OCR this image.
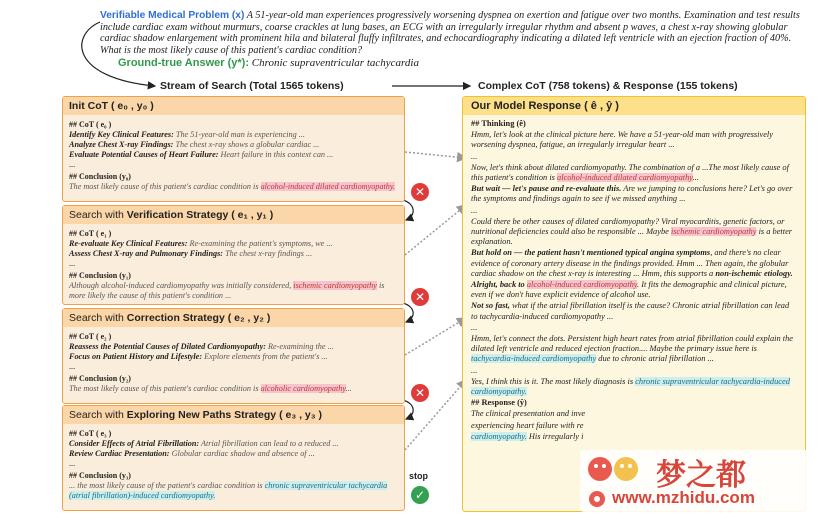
Verifiable Medical Problem (x) A 51-year-old man experiences progressively worsening dyspnea on exertion and fatigue over two months. Examination and test results include cardiac exam without murmurs, coarse crackles at lung bases, an ECG with an irregularly irregular rhythm and absent p waves, a chest x-ray showing globular cardiac shadow enlargement with prominent hila and bilateral fluffy infiltrates, and echocardiography indicating a dilated left ventricle with an ejection fraction of 40%. What is the most likely cause of this patient's cardiac condition?
Ground-true Answer (y*): Chronic supraventricular tachycardia
Stream of Search (Total 1565 tokens)	Complex CoT (758 tokens) & Response (155 tokens)
Init CoT ( e₀ , y₀ )

## CoT ( e₀ )

Identify Key Clinical Features: The 51-year-old man is experiencing ...

Analyze Chest X-ray Findings: The chest x-ray shows a globular cardiac ...

Evaluate Potential Causes of Heart Failure: Heart failure in this context can ...

...

## Conclusion (y₀)

The most likely cause of this patient's cardiac condition is alcohol-induced dilated cardiomyopathy.

Search with Verification Strategy ( e₁ , y₁ )

## CoT ( e₁ )

Re-evaluate Key Clinical Features: Re-examining the patient's symptoms, we ...

Assess Chest X-ray and Pulmonary Findings: The chest x-ray findings ...

...

## Conclusion (y₁)

Although alcohol-induced cardiomyopathy was initially considered, ischemic cardiomyopathy is more likely the cause of this patient's condition ...

Search with Correction Strategy ( e₂ , y₂ )

## CoT ( e₂ )

Reassess the Potential Causes of Dilated Cardiomyopathy: Re-examining the ...

Focus on Patient History and Lifestyle: Explore elements from the patient's ...

...

## Conclusion (y₂)

The most likely cause of this patient's cardiac condition is alcoholic cardiomyopathy...

Search with Exploring New Paths Strategy ( e₃ , y₃ )

## CoT ( e₃ )

Consider Effects of Atrial Fibrillation: Atrial fibrillation can lead to a reduced ...

Review Cardiac Presentation: Globular cardiac shadow and absence of ...

...

## Conclusion (y₃)

... the most likely cause of the patient's cardiac condition is chronic supraventricular tachycardia (atrial fibrillation)-induced cardiomyopathy.

✕
✕
✕
stop
✓
Our Model Response ( ê , ŷ )

## Thinking (ê)

Hmm, let's look at the clinical picture here. We have a 51-year-old man with progressively worsening dyspnea, fatigue, an irregularly irregular heart ...

...

Now, let's think about dilated cardiomyopathy. The combination of a ...The most likely cause of this patient's condition is alcohol-induced dilated cardiomyopathy...

But wait — let's pause and re-evaluate this. Are we jumping to conclusions here? Let's go over the symptoms and findings again to see if we missed anything ...

...

Could there be other causes of dilated cardiomyopathy? Viral myocarditis, genetic factors, or nutritional deficiencies could also be responsible ... Maybe ischemic cardiomyopathy is a better explanation.

But hold on — the patient hasn't mentioned typical angina symptoms, and there's no clear evidence of coronary artery disease in the findings provided. Hmm ... Then again, the globular cardiac shadow on the chest x-ray is interesting ... Hmm, this supports a non-ischemic etiology.

Alright, back to alcohol-induced cardiomyopathy. It fits the demographic and clinical picture, even if we don't have explicit evidence of alcohol use.

Not so fast, what if the atrial fibrillation itself is the cause? Chronic atrial fibrillation can lead to tachycardia-induced cardiomyopathy ...

...

Hmm, let's connect the dots. Persistent high heart rates from atrial fibrillation could explain the dilated left ventricle and reduced ejection fraction.... Maybe the primary issue here is tachycardia-induced cardiomyopathy due to chronic atrial fibrillation ...

...

Yes, I think this is it. The most likely diagnosis is chronic supraventricular tachycardia-induced cardiomyopathy.

## Response (ŷ)

The clinical presentation and inve

experiencing heart failure with re

cardiomyopathy. His irregularly i

梦之都
www.mzhidu.com
